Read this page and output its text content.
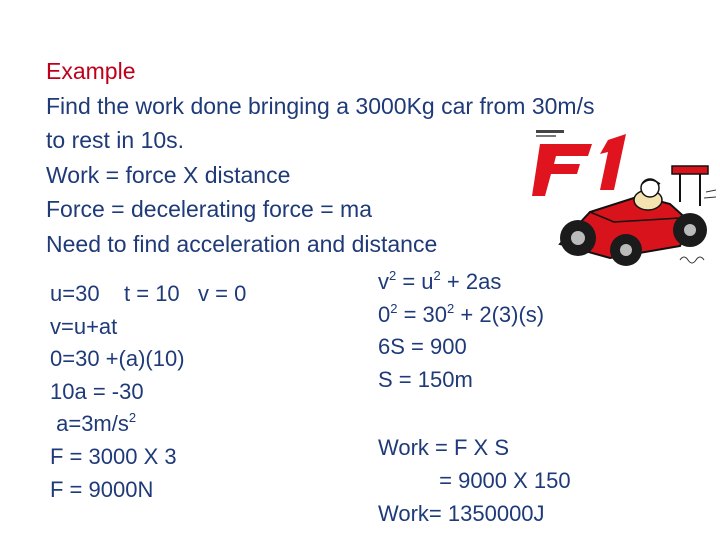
Example
Find the work done bringing a 3000Kg car from 30m/s
to rest in 10s.
Work = force X distance
Force = decelerating force = ma
Need to find acceleration and distance
u=30    t = 10   v = 0
v=u+at
0=30 +(a)(10)
10a = -30
$a=3m/s^2$
F = 3000 X 3
F = 9000N
$v^2 = u^2 + 2as$
$0^2 = 30^2 + 2(3)(s)$
6S = 900
S = 150m
Work = F X S
= 9000 X 150
Work= 1350000J
